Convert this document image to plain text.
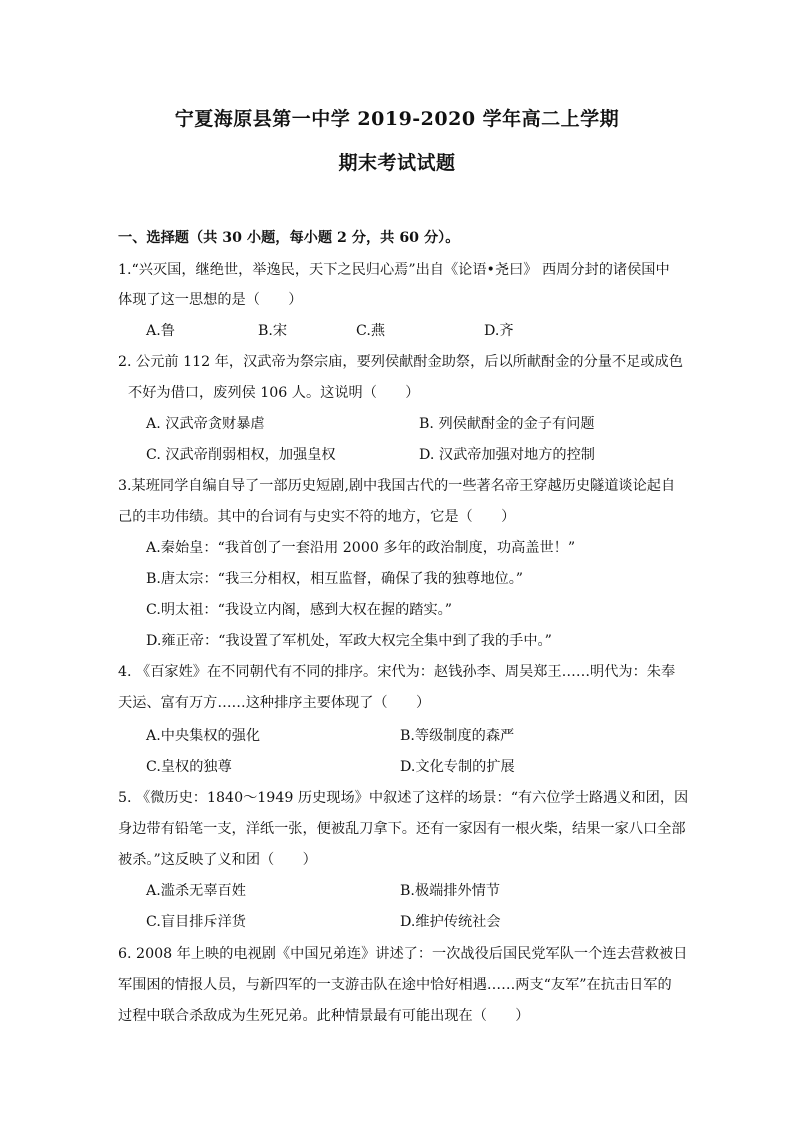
宁夏海原县第一中学 2019-2020 学年高二上学期
期末考试试题
一、选择题（共 30 小题，每小题 2 分，共 60 分）。
1.“兴灭国，继绝世，举逸民，天下之民归心焉”出自《论语•尧曰》 西周分封的诸侯国中
体现了这一思想的是（　　）
A.鲁	B.宋	C.燕	D.齐
2. 公元前 112 年，汉武帝为祭宗庙，要列侯献酎金助祭，后以所献酎金的分量不足或成色
不好为借口，废列侯 106 人。这说明（　　）
A. 汉武帝贪财暴虐	B. 列侯献酎金的金子有问题
C. 汉武帝削弱相权，加强皇权	D. 汉武帝加强对地方的控制
3.某班同学自编自导了一部历史短剧,剧中我国古代的一些著名帝王穿越历史隧道谈论起自
己的丰功伟绩。其中的台词有与史实不符的地方，它是（　　）
A.秦始皇：“我首创了一套沿用 2000 多年的政治制度，功高盖世！”
B.唐太宗：“我三分相权，相互监督，确保了我的独尊地位。”
C.明太祖：“我设立内阁，感到大权在握的踏实。”
D.雍正帝：“我设置了军机处，军政大权完全集中到了我的手中。”
4. 《百家姓》在不同朝代有不同的排序。宋代为：赵钱孙李、周吴郑王……明代为：朱奉
天运、富有万方……这种排序主要体现了（　　）
A.中央集权的强化	B.等级制度的森严
C.皇权的独尊	D.文化专制的扩展
5. 《微历史：1840～1949 历史现场》中叙述了这样的场景：“有六位学士路遇义和团，因
身边带有铅笔一支，洋纸一张，便被乱刀拿下。还有一家因有一根火柴，结果一家八口全部
被杀。”这反映了义和团（　　）
A.滥杀无辜百姓	B.极端排外情节
C.盲目排斥洋货	D.维护传统社会
6. 2008 年上映的电视剧《中国兄弟连》讲述了：一次战役后国民党军队一个连去营救被日
军围困的情报人员，与新四军的一支游击队在途中恰好相遇……两支“友军”在抗击日军的
过程中联合杀敌成为生死兄弟。此种情景最有可能出现在（　　）
